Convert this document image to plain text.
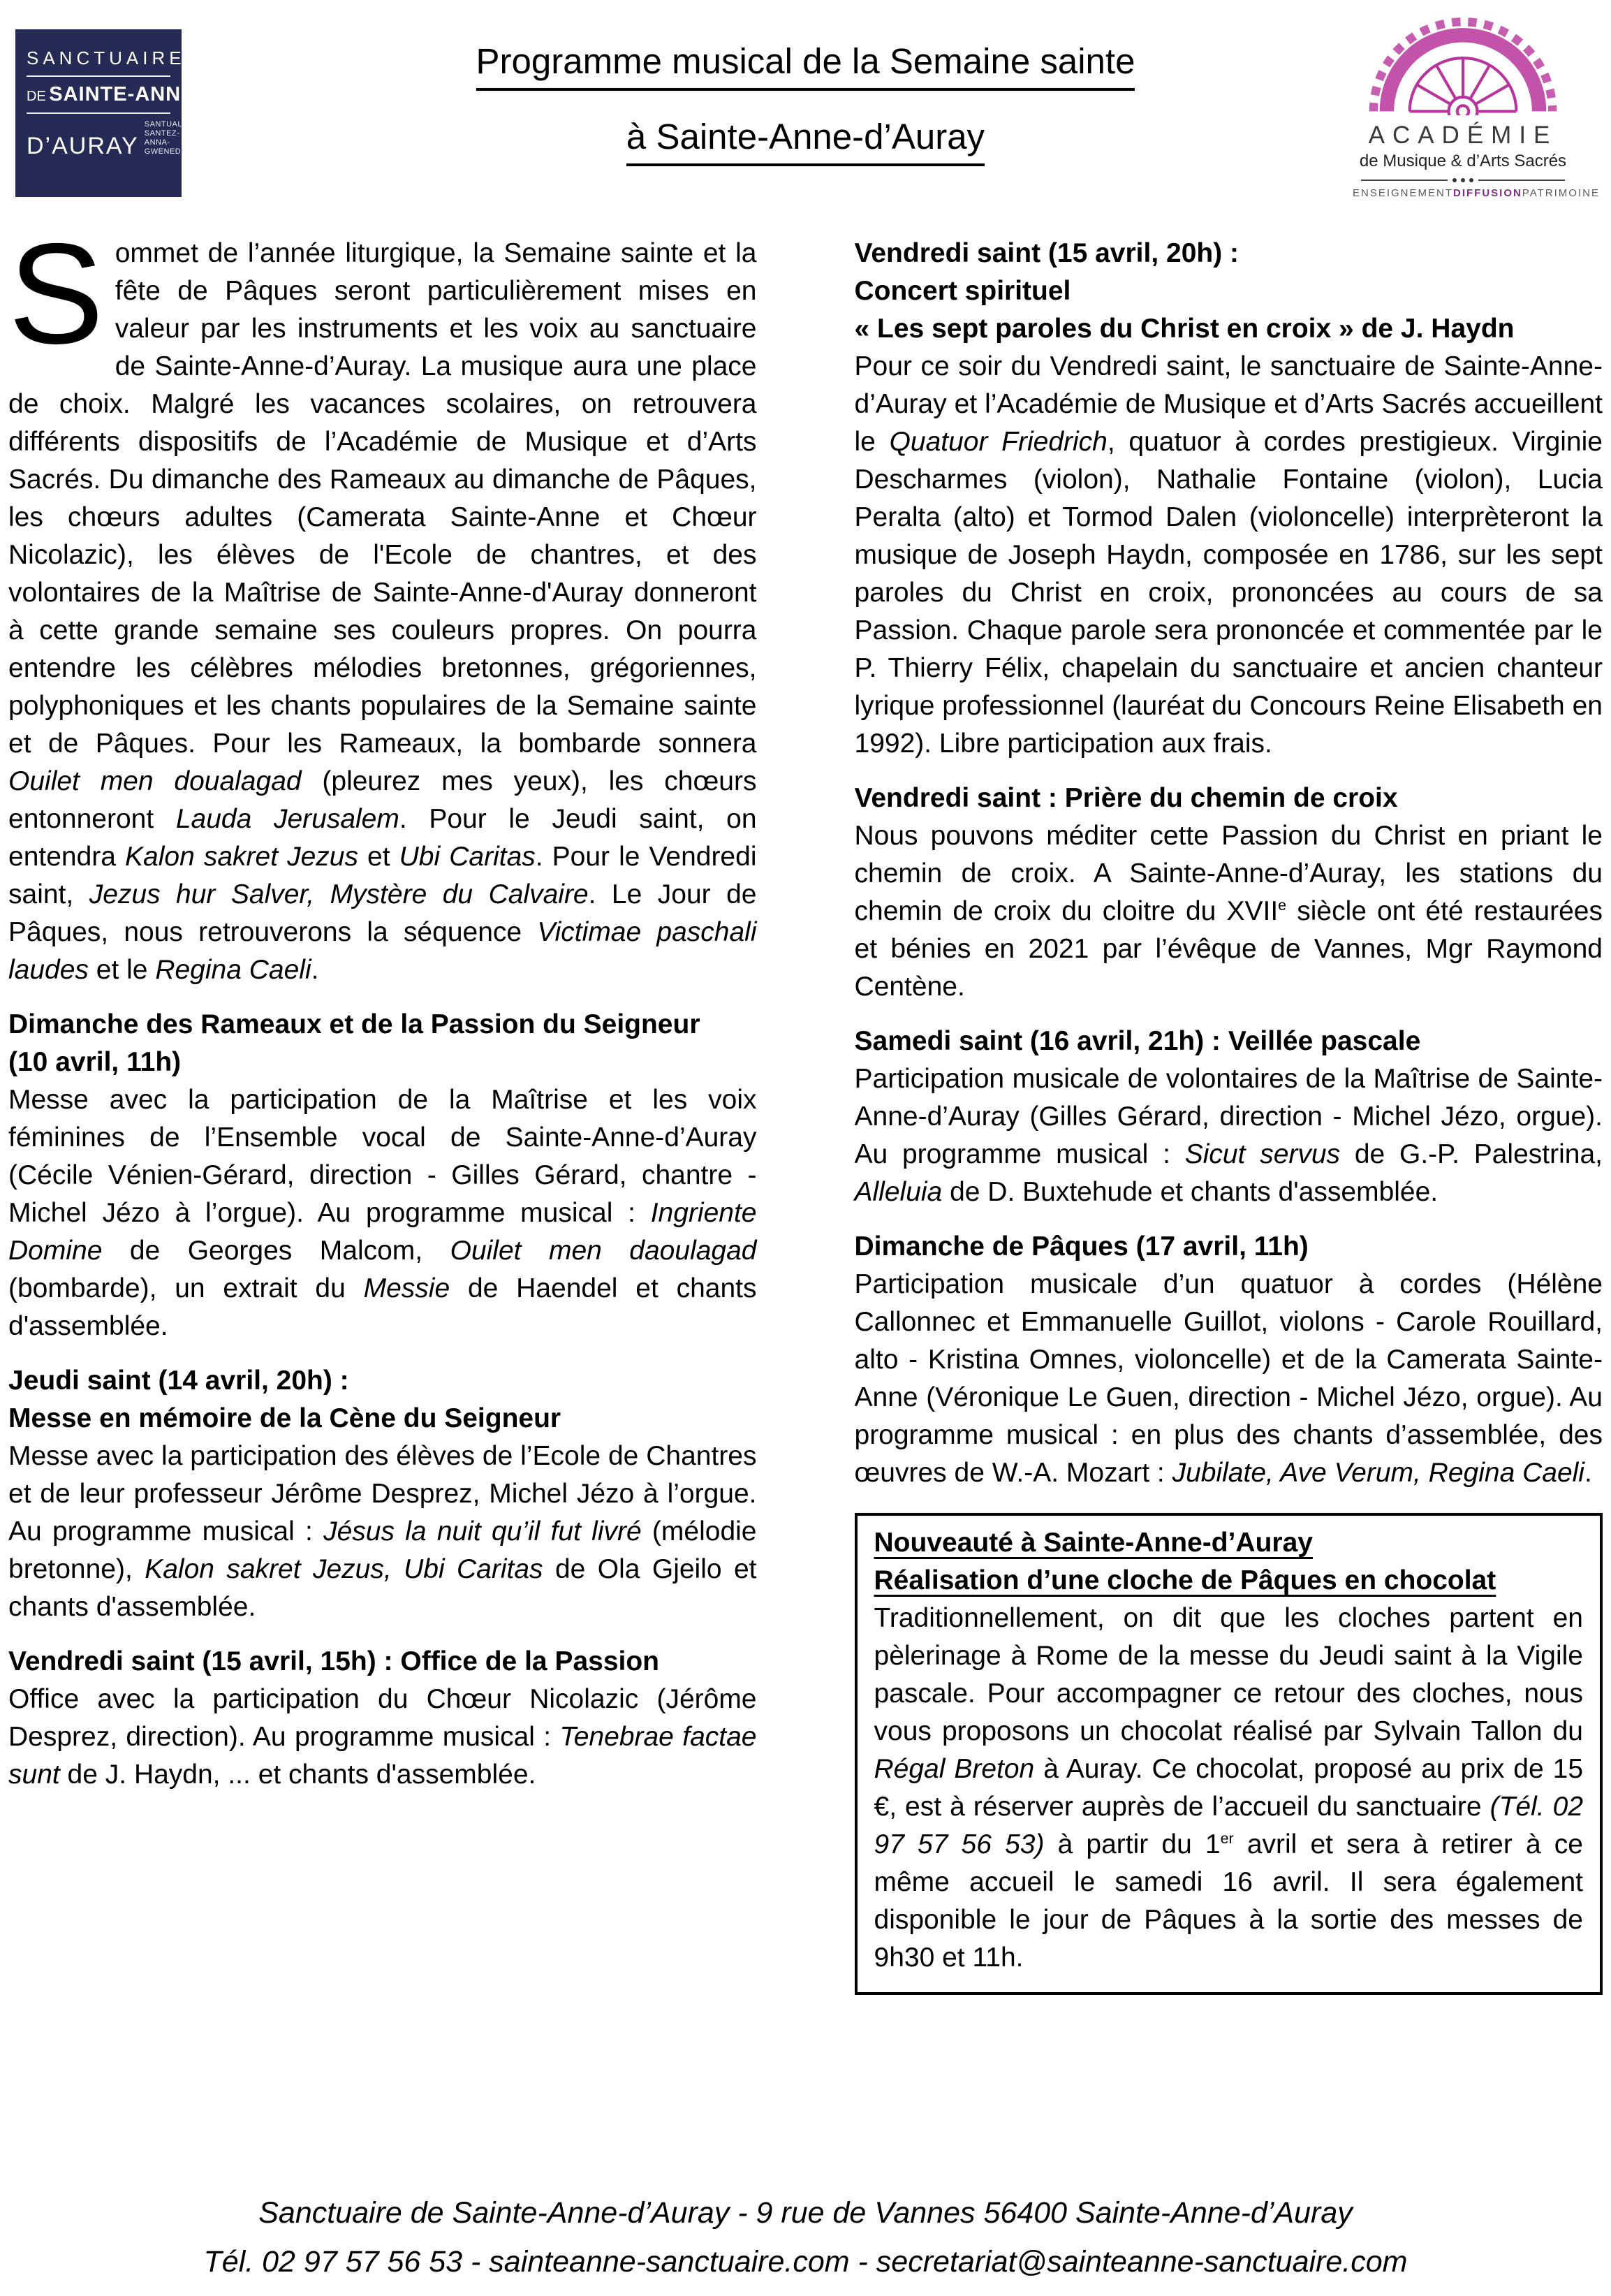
SANCTUAIRE
DE SAINTE-ANNE
D’AURAY
SANTUAL
SANTEZ-ANNA-GWENED
Programme musical de la Semaine sainte
à Sainte-Anne-d’Auray	ACADÉMIE
de Musique & d’Arts Sacrés
ENSEIGNEMENT DIFFUSION PATRIMOINE

Sommet de l’année liturgique, la Semaine sainte et la fête de Pâques seront particulièrement mises en valeur par les instruments et les voix au sanctuaire de Sainte-Anne-d’Auray. La musique aura une place de choix. Malgré les vacances scolaires, on retrouvera différents dispositifs de l’Académie de Musique et d’Arts Sacrés. Du dimanche des Rameaux au dimanche de Pâques, les chœurs adultes (Camerata Sainte-Anne et Chœur Nicolazic), les élèves de l'Ecole de chantres, et des volontaires de la Maîtrise de Sainte-Anne-d'Auray donneront à cette grande semaine ses couleurs propres. On pourra entendre les célèbres mélodies bretonnes, grégoriennes, polyphoniques et les chants populaires de la Semaine sainte et de Pâques. Pour les Rameaux, la bombarde sonnera Ouilet men doualagad (pleurez mes yeux), les chœurs entonneront Lauda Jerusalem. Pour le Jeudi saint, on entendra Kalon sakret Jezus et Ubi Caritas. Pour le Vendredi saint, Jezus hur Salver, Mystère du Calvaire. Le Jour de Pâques, nous retrouverons la séquence Victimae paschali laudes et le Regina Caeli.

Dimanche des Rameaux et de la Passion du Seigneur
(10 avril, 11h)

Messe avec la participation de la Maîtrise et les voix féminines de l’Ensemble vocal de Sainte-Anne-d’Auray (Cécile Vénien-Gérard, direction - Gilles Gérard, chantre - Michel Jézo à l’orgue). Au programme musical : Ingriente Domine de Georges Malcom, Ouilet men daoulagad (bombarde), un extrait du Messie de Haendel et chants d'assemblée.

Jeudi saint (14 avril, 20h) :
Messe en mémoire de la Cène du Seigneur

Messe avec la participation des élèves de l’Ecole de Chantres et de leur professeur Jérôme Desprez, Michel Jézo à l’orgue. Au programme musical : Jésus la nuit qu’il fut livré (mélodie bretonne), Kalon sakret Jezus, Ubi Caritas de Ola Gjeilo et chants d'assemblée.

Vendredi saint (15 avril, 15h) : Office de la Passion

Office avec la participation du Chœur Nicolazic (Jérôme Desprez, direction). Au programme musical : Tenebrae factae sunt de J. Haydn, ... et chants d'assemblée.

Vendredi saint (15 avril, 20h) :
Concert spirituel
« Les sept paroles du Christ en croix » de J. Haydn

Pour ce soir du Vendredi saint, le sanctuaire de Sainte-Anne-d’Auray et l’Académie de Musique et d’Arts Sacrés accueillent le Quatuor Friedrich, quatuor à cordes prestigieux. Virginie Descharmes (violon), Nathalie Fontaine (violon), Lucia Peralta (alto) et Tormod Dalen (violoncelle) interprèteront la musique de Joseph Haydn, composée en 1786, sur les sept paroles du Christ en croix, prononcées au cours de sa Passion. Chaque parole sera prononcée et commentée par le P. Thierry Félix, chapelain du sanctuaire et ancien chanteur lyrique professionnel (lauréat du Concours Reine Elisabeth en 1992). Libre participation aux frais.

Vendredi saint : Prière du chemin de croix

Nous pouvons méditer cette Passion du Christ en priant le chemin de croix. A Sainte-Anne-d’Auray, les stations du chemin de croix du cloitre du XVIIe siècle ont été restaurées et bénies en 2021 par l’évêque de Vannes, Mgr Raymond Centène.

Samedi saint (16 avril, 21h) : Veillée pascale

Participation musicale de volontaires de la Maîtrise de Sainte-Anne-d’Auray (Gilles Gérard, direction - Michel Jézo, orgue). Au programme musical : Sicut servus de G.-P. Palestrina, Alleluia de D. Buxtehude et chants d'assemblée.

Dimanche de Pâques (17 avril, 11h)

Participation musicale d’un quatuor à cordes (Hélène Callonnec et Emmanuelle Guillot, violons - Carole Rouillard, alto - Kristina Omnes, violoncelle) et de la Camerata Sainte-Anne (Véronique Le Guen, direction - Michel Jézo, orgue). Au programme musical : en plus des chants d’assemblée, des œuvres de W.-A. Mozart : Jubilate, Ave Verum, Regina Caeli.

Nouveauté à Sainte-Anne-d’Auray
Réalisation d’une cloche de Pâques en chocolat

Traditionnellement, on dit que les cloches partent en pèlerinage à Rome de la messe du Jeudi saint à la Vigile pascale. Pour accompagner ce retour des cloches, nous vous proposons un chocolat réalisé par Sylvain Tallon du Régal Breton à Auray. Ce chocolat, proposé au prix de 15 €, est à réserver auprès de l’accueil du sanctuaire (Tél. 02 97 57 56 53) à partir du 1er avril et sera à retirer à ce même accueil le samedi 16 avril. Il sera également disponible le jour de Pâques à la sortie des messes de 9h30 et 11h.

Sanctuaire de Sainte-Anne-d’Auray - 9 rue de Vannes 56400 Sainte-Anne-d’Auray

Tél. 02 97 57 56 53 - sainteanne-sanctuaire.com - secretariat@sainteanne-sanctuaire.com
